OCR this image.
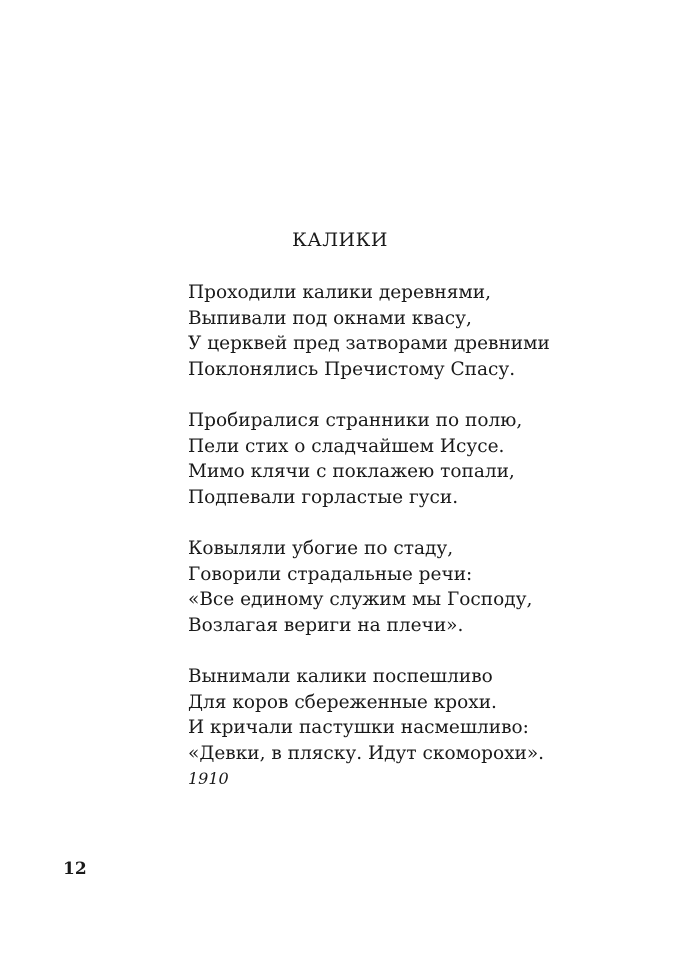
КАЛИКИ
Проходили калики деревнями,
Выпивали под окнами квасу,
У церквей пред затворами древними
Поклонялись Пречистому Спасу.
Пробиралися странники по полю,
Пели стих о сладчайшем Исусе.
Мимо клячи с поклажею топали,
Подпевали горластые гуси.
Ковыляли убогие по стаду,
Говорили страдальные речи:
«Все единому служим мы Господу,
Возлагая вериги на плечи».
Вынимали калики поспешливо
Для коров сбереженные крохи.
И кричали пастушки насмешливо:
«Девки, в пляску. Идут скоморохи».
1910
12
